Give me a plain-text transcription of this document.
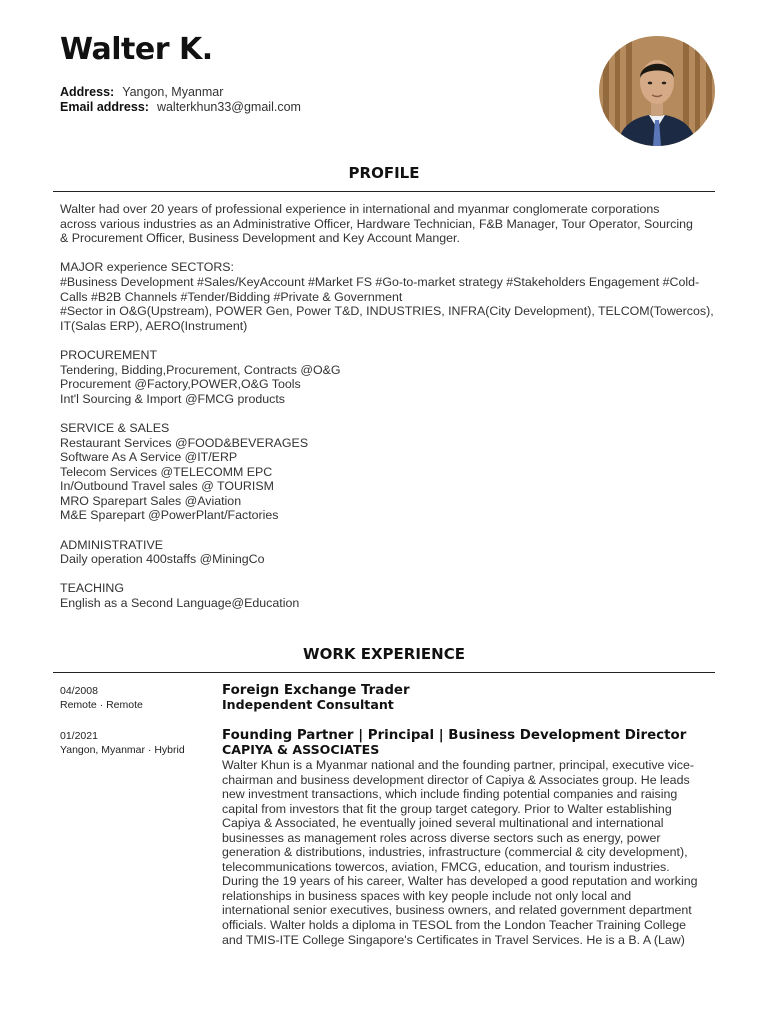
Walter K.
Address: Yangon, Myanmar
Email address: walterkhun33@gmail.com
PROFILE
Walter had over 20 years of professional experience in international and myanmar conglomerate corporations
across various industries as an Administrative Officer, Hardware Technician, F&B Manager, Tour Operator, Sourcing
& Procurement Officer, Business Development and Key Account Manger.
MAJOR experience SECTORS:
#Business Development #Sales/KeyAccount #Market FS #Go-to-market strategy #Stakeholders Engagement #Cold-
Calls #B2B Channels #Tender/Bidding #Private & Government
#Sector in O&G(Upstream), POWER Gen, Power T&D, INDUSTRIES, INFRA(City Development), TELCOM(Towercos),
IT(Salas ERP), AERO(Instrument)
PROCUREMENT
Tendering, Bidding,Procurement, Contracts @O&G
Procurement @Factory,POWER,O&G Tools
Int'l Sourcing & Import @FMCG products
SERVICE & SALES
Restaurant Services @FOOD&BEVERAGES
Software As A Service @IT/ERP
Telecom Services @TELECOMM EPC
In/Outbound Travel sales @ TOURISM
MRO Sparepart Sales @Aviation
M&E Sparepart @PowerPlant/Factories
ADMINISTRATIVE
Daily operation 400staffs @MiningCo
TEACHING
English as a Second Language@Education
WORK EXPERIENCE
04/2008
Remote · Remote
Foreign Exchange Trader
Independent Consultant
01/2021
Yangon, Myanmar · Hybrid
Founding Partner | Principal | Business Development Director
CAPIYA & ASSOCIATES
Walter Khun is a Myanmar national and the founding partner, principal, executive vice-
chairman and business development director of Capiya & Associates group. He leads
new investment transactions, which include finding potential companies and raising
capital from investors that fit the group target category. Prior to Walter establishing
Capiya & Associated, he eventually joined several multinational and international
businesses as management roles across diverse sectors such as energy, power
generation & distributions, industries, infrastructure (commercial & city development),
telecommunications towercos, aviation, FMCG, education, and tourism industries.
During the 19 years of his career, Walter has developed a good reputation and working
relationships in business spaces with key people include not only local and
international senior executives, business owners, and related government department
officials. Walter holds a diploma in TESOL from the London Teacher Training College
and TMIS-ITE College Singapore's Certificates in Travel Services. He is a B. A (Law)
